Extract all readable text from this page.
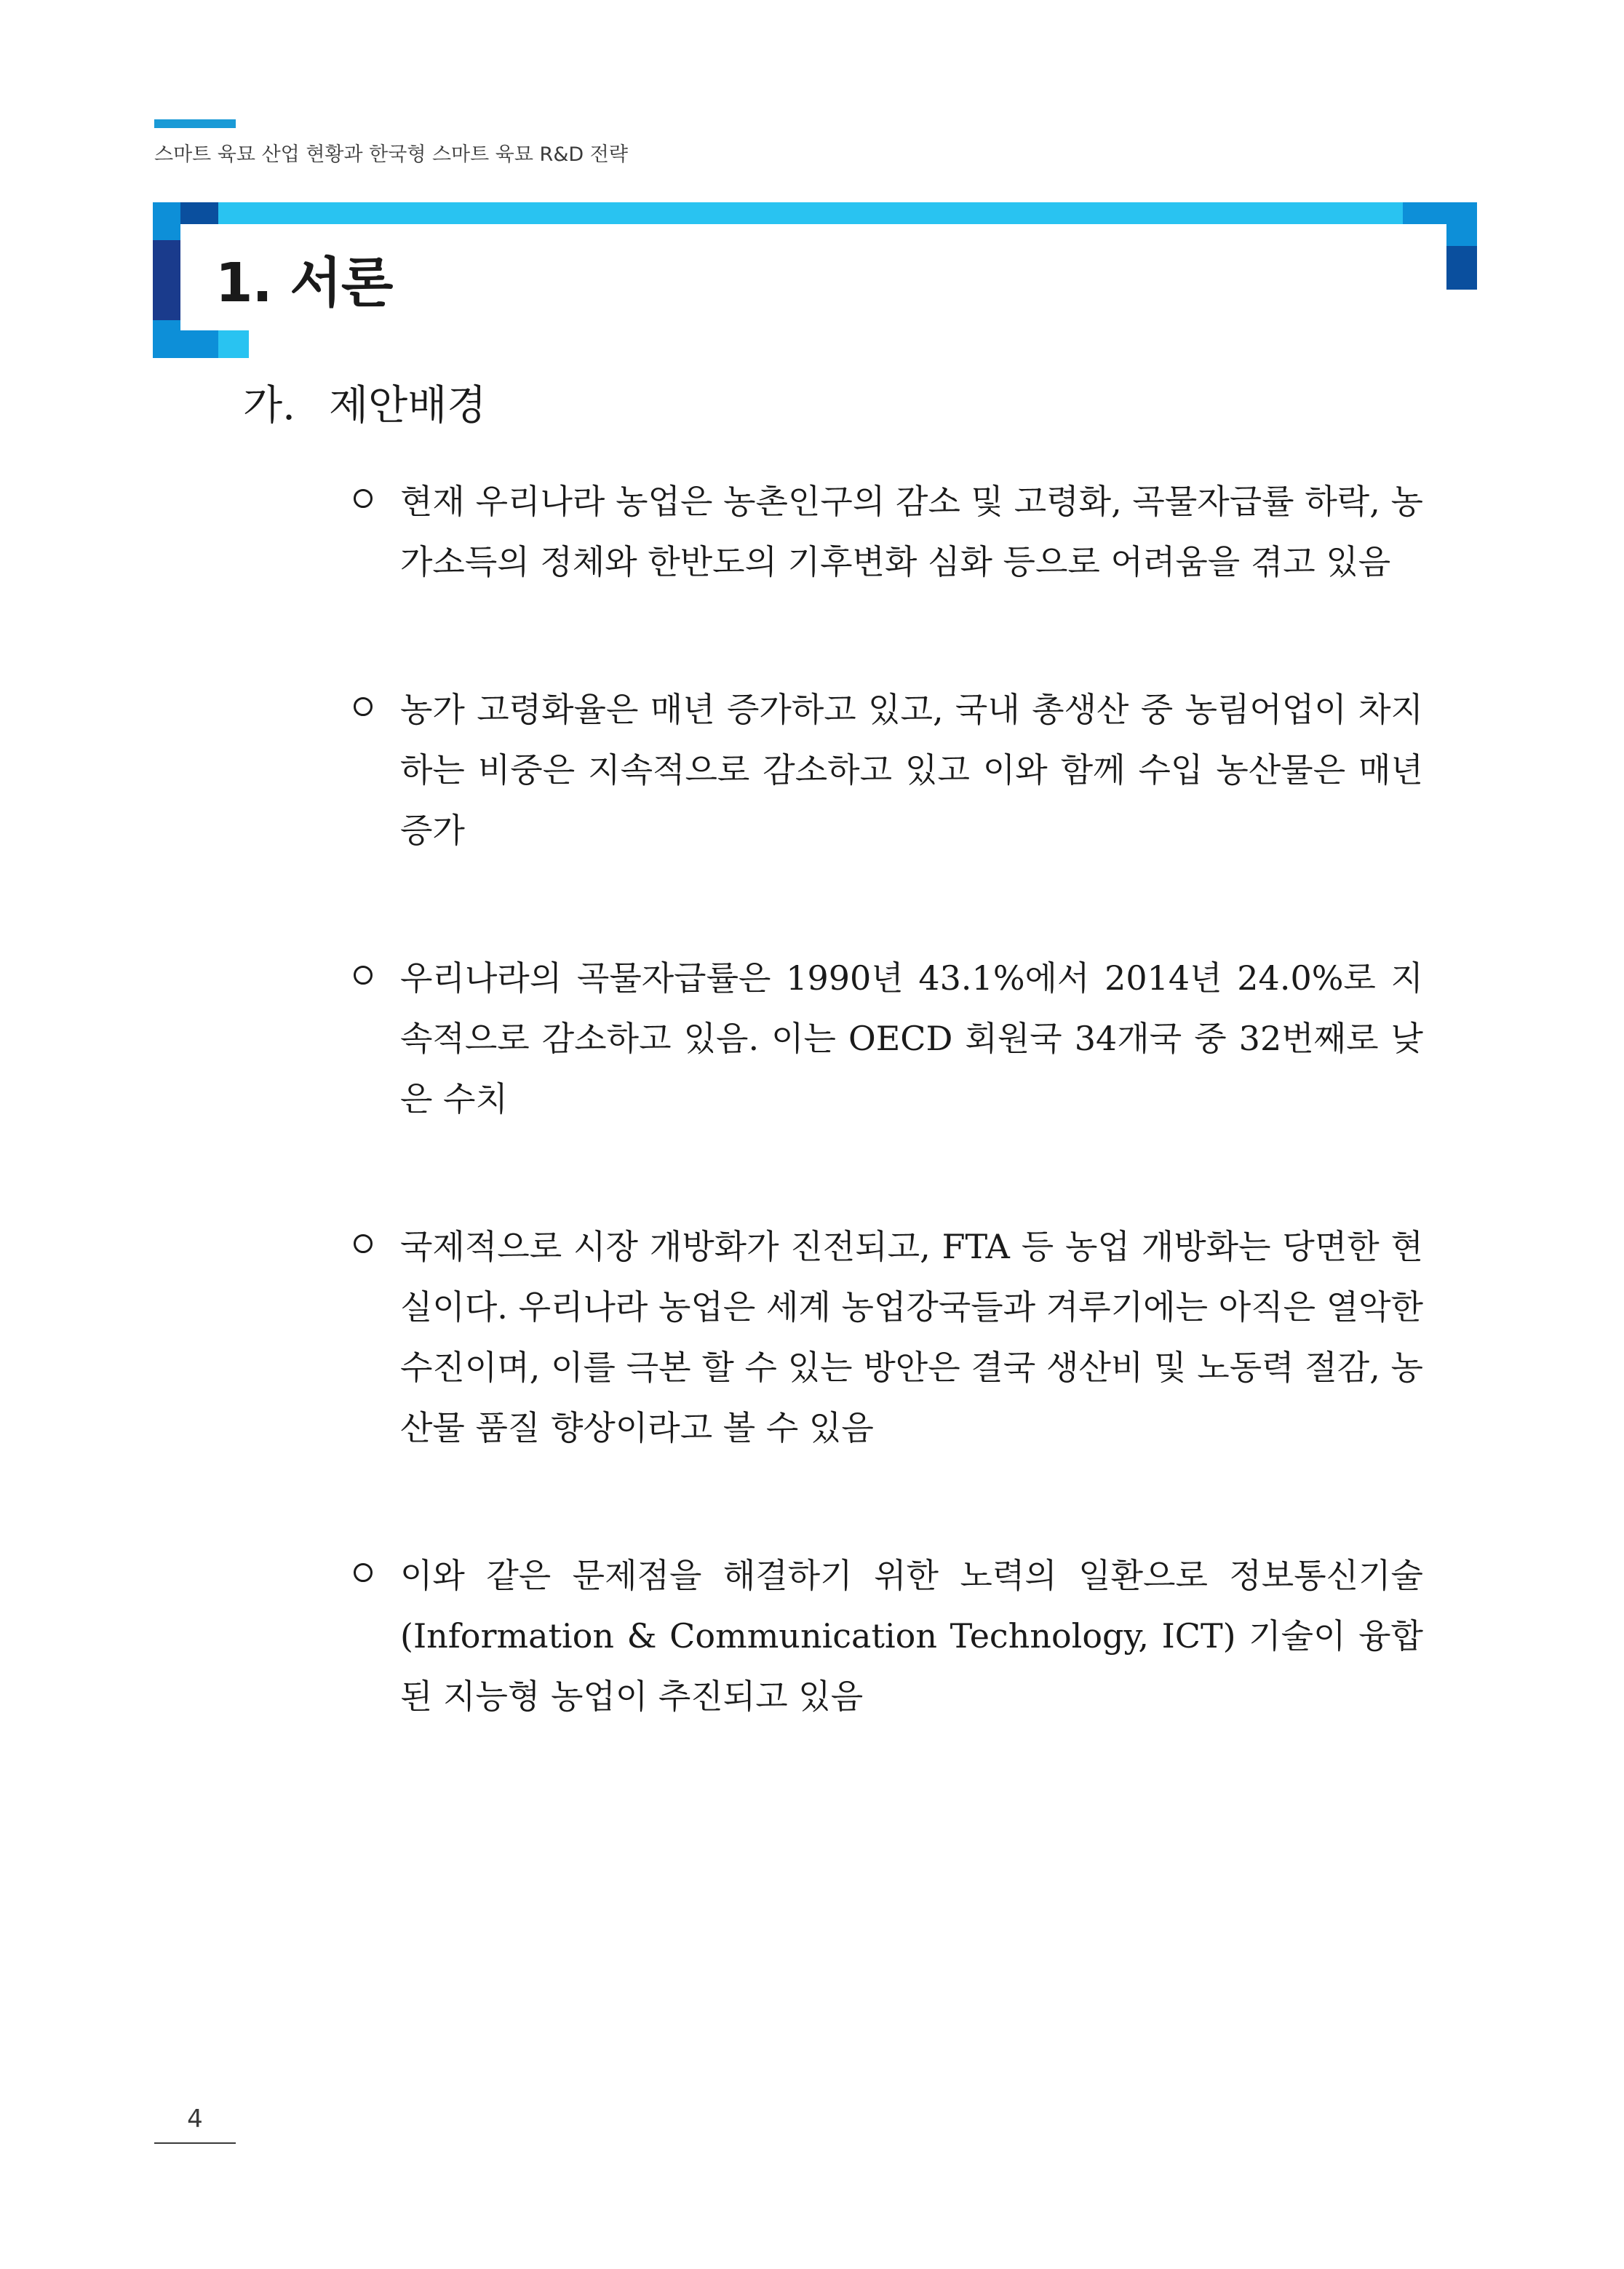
스마트 육묘 산업 현황과 한국형 스마트 육묘 R&D 전략
1. 서론
가. 제안배경
현재 우리나라 농업은 농촌인구의 감소 및 고령화, 곡물자급률 하락, 농가소득의 정체와 한반도의 기후변화 심화 등으로 어려움을 겪고 있음
농가 고령화율은 매년 증가하고 있고, 국내 총생산 중 농림어업이 차지하는 비중은 지속적으로 감소하고 있고 이와 함께 수입 농산물은 매년 증가
우리나라의 곡물자급률은 1990년 43.1%에서 2014년 24.0%로 지속적으로 감소하고 있음. 이는 OECD 회원국 34개국 중 32번째로 낮은 수치
국제적으로 시장 개방화가 진전되고, FTA 등 농업 개방화는 당면한 현실이다. 우리나라 농업은 세계 농업강국들과 겨루기에는 아직은 열악한 수진이며, 이를 극본 할 수 있는 방안은 결국 생산비 및 노동력 절감, 농산물 품질 향상이라고 볼 수 있음
이와 같은 문제점을 해결하기 위한 노력의 일환으로 정보통신기술(Information & Communication Technology, ICT) 기술이 융합된 지능형 농업이 추진되고 있음
4
